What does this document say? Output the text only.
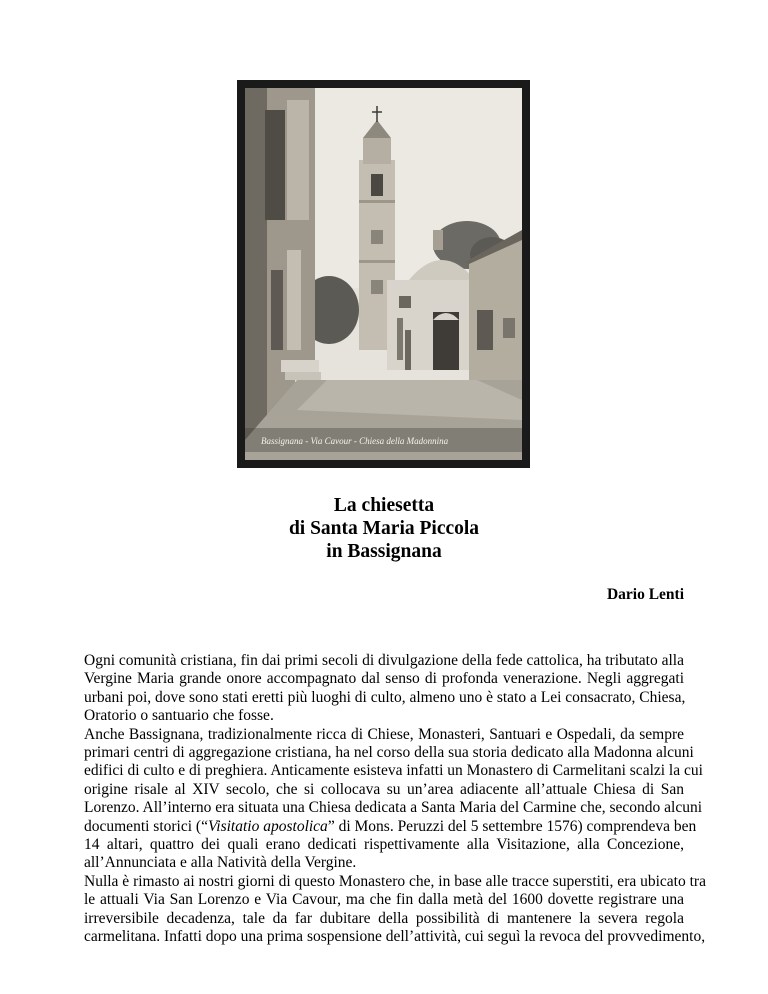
Bassignana - Via Cavour - Chiesa della Madonnina
La chiesetta
di Santa Maria Piccola
in Bassignana
Dario Lenti
Ogni comunità cristiana, fin dai primi secoli di divulgazione della fede cattolica, ha tributato alla
Vergine Maria grande onore accompagnato dal senso di profonda venerazione. Negli aggregati
urbani poi, dove sono stati eretti più luoghi di culto, almeno uno è stato a Lei consacrato, Chiesa,
Oratorio o santuario che fosse.
Anche Bassignana, tradizionalmente ricca di Chiese, Monasteri, Santuari e Ospedali, da sempre
primari centri di aggregazione cristiana, ha nel corso della sua storia dedicato alla Madonna alcuni
edifici di culto e di preghiera. Anticamente esisteva infatti un Monastero di Carmelitani scalzi la cui
origine risale al XIV secolo, che si collocava su un’area adiacente all’attuale Chiesa di San
Lorenzo. All’interno era situata una Chiesa dedicata a Santa Maria del Carmine che, secondo alcuni
documenti storici (“Visitatio apostolica” di Mons. Peruzzi del 5 settembre 1576) comprendeva ben
14 altari, quattro dei quali erano dedicati rispettivamente alla Visitazione, alla Concezione,
all’Annunciata e alla Natività della Vergine.
Nulla è rimasto ai nostri giorni di questo Monastero che, in base alle tracce superstiti, era ubicato tra
le attuali Via San Lorenzo e Via Cavour, ma che fin dalla metà del 1600 dovette registrare una
irreversibile decadenza, tale da far dubitare della possibilità di mantenere la severa regola
carmelitana. Infatti dopo una prima sospensione dell’attività, cui seguì la revoca del provvedimento,
